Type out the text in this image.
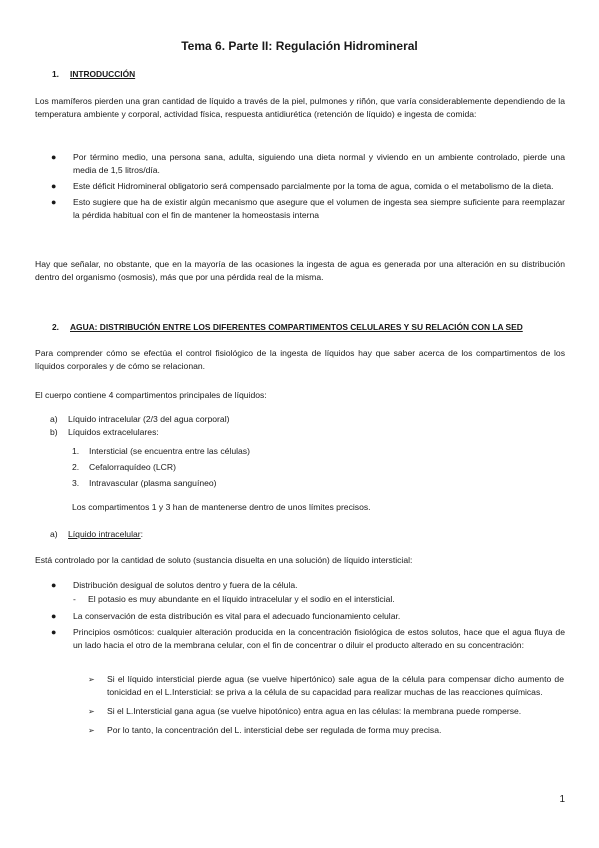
Tema 6. Parte II: Regulación Hidromineral
1. INTRODUCCIÓN

Los mamíferos pierden una gran cantidad de líquido a través de la piel, pulmones y riñón, que varía considerablemente dependiendo de la temperatura ambiente y corporal, actividad física, respuesta antidiurética (retención de líquido) e ingesta de comida:

● Por término medio, una persona sana, adulta, siguiendo una dieta normal y viviendo en un ambiente controlado, pierde una media de 1,5 litros/día.
● Este déficit Hidromineral obligatorio será compensado parcialmente por la toma de agua, comida o el metabolismo de la dieta.
● Esto sugiere que ha de existir algún mecanismo que asegure que el volumen de ingesta sea siempre suficiente para reemplazar la pérdida habitual con el fin de mantener la homeostasis interna

Hay que señalar, no obstante, que en la mayoría de las ocasiones la ingesta de agua es generada por una alteración en su distribución dentro del organismo (osmosis), más que por una pérdida real de la misma.

2. AGUA: DISTRIBUCIÓN ENTRE LOS DIFERENTES COMPARTIMENTOS CELULARES Y SU RELACIÓN CON LA SED

Para comprender cómo se efectúa el control fisiológico de la ingesta de líquidos hay que saber acerca de los compartimentos de los líquidos corporales y de cómo se relacionan.

El cuerpo contiene 4 compartimentos principales de líquidos:

a) Líquido intracelular (2/3 del agua corporal)
b) Líquidos extracelulares:
1. Intersticial (se encuentra entre las células)
2. Cefalorraquídeo (LCR)
3. Intravascular (plasma sanguíneo)

Los compartimentos 1 y 3 han de mantenerse dentro de unos límites precisos.

a) Líquido intracelular:

Está controlado por la cantidad de soluto (sustancia disuelta en una solución) de líquido intersticial:

● Distribución desigual de solutos dentro y fuera de la célula.
- El potasio es muy abundante en el líquido intracelular y el sodio en el intersticial.
● La conservación de esta distribución es vital para el adecuado funcionamiento celular.
● Principios osmóticos: cualquier alteración producida en la concentración fisiológica de estos solutos, hace que el agua fluya de un lado hacia el otro de la membrana celular, con el fin de concentrar o diluir el producto alterado en su concentración:
➢ Si el líquido intersticial pierde agua (se vuelve hipertónico) sale agua de la célula para compensar dicho aumento de tonicidad en el L.Intersticial: se priva a la célula de su capacidad para realizar muchas de las reacciones químicas.
➢ Si el L.Intersticial gana agua (se vuelve hipotónico) entra agua en las células: la membrana puede romperse.
➢ Por lo tanto, la concentración del L. intersticial debe ser regulada de forma muy precisa.
1
